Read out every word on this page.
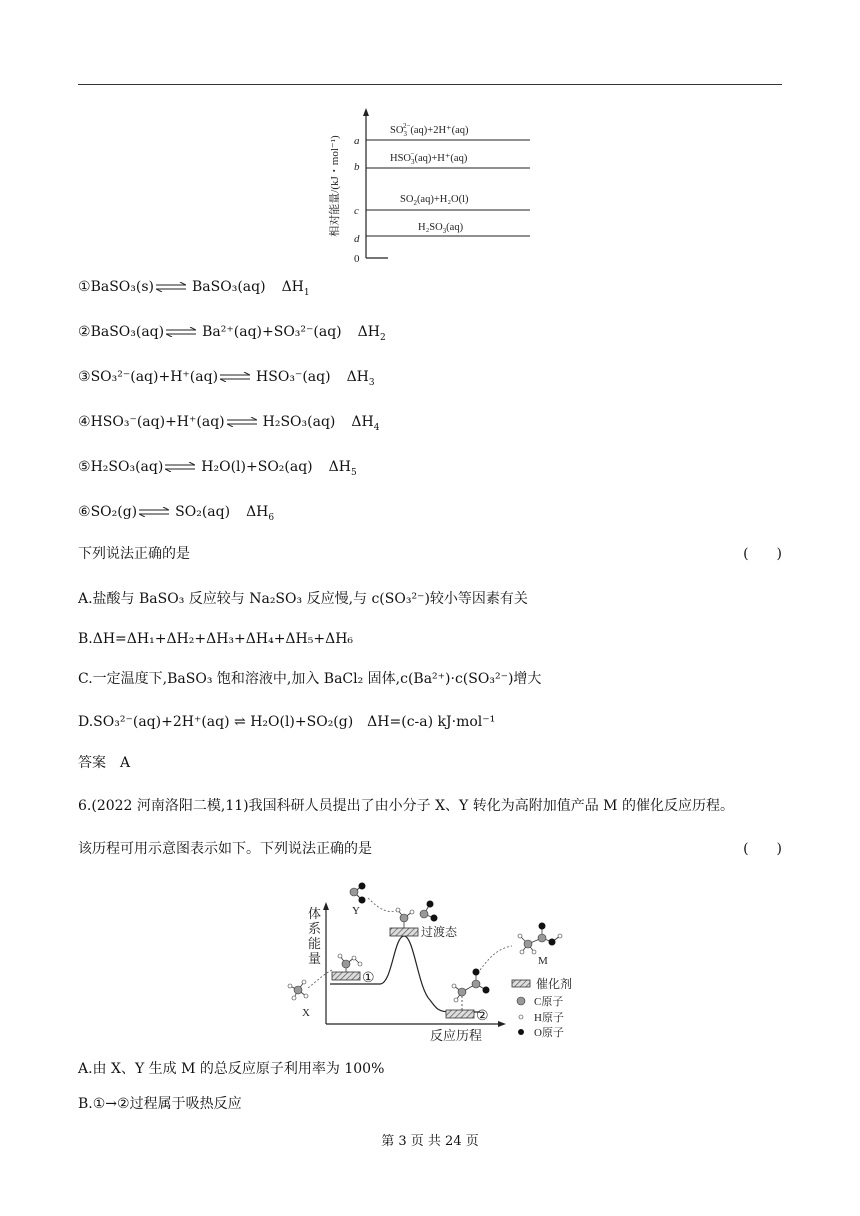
相对能量/(kJ・mol⁻¹)
0
a
$SO_32-(aq)+2H^+(aq)$
b
$HSO_3-(aq)+H^+(aq)$
c
$SO_2(aq)+H_2O(l)$
d
$H_2SO_3(aq)$
①BaSO₃(s) ⇌ BaSO₃(aq) $\Delta H_1$
②BaSO₃(aq) ⇌ Ba²⁺(aq)+SO₃²⁻(aq) $\Delta H_2$
③SO₃²⁻(aq)+H⁺(aq) ⇌ HSO₃⁻(aq) $\Delta H_3$
④HSO₃⁻(aq)+H⁺(aq) ⇌ H₂SO₃(aq) $\Delta H_4$
⑤H₂SO₃(aq) ⇌ H₂O(l)+SO₂(aq) $\Delta H_5$
⑥SO₂(g) ⇌ SO₂(aq) $\Delta H_6$
下列说法正确的是	(　　)
A.盐酸与 BaSO₃ 反应较与 Na₂SO₃ 反应慢,与 c(SO₃²⁻)较小等因素有关
B.ΔH=ΔH₁+ΔH₂+ΔH₃+ΔH₄+ΔH₅+ΔH₆
C.一定温度下,BaSO₃ 饱和溶液中,加入 BaCl₂ 固体,c(Ba²⁺)·c(SO₃²⁻)增大
D.SO₃²⁻(aq)+2H⁺(aq) ⇌ H₂O(l)+SO₂(g)　ΔH=(c-a) kJ·mol⁻¹
答案　A
6.(2022 河南洛阳二模,11)我国科研人员提出了由小分子 X、Y 转化为高附加值产品 M 的催化反应历程。
该历程可用示意图表示如下。下列说法正确的是	(　　)
体
系
能
量
反应历程
①
②
过渡态
X
Y
M
催化剂
C原子
H原子
O原子
A.由 X、Y 生成 M 的总反应原子利用率为 100%
B.①→②过程属于吸热反应
第 3 页 共 24 页
